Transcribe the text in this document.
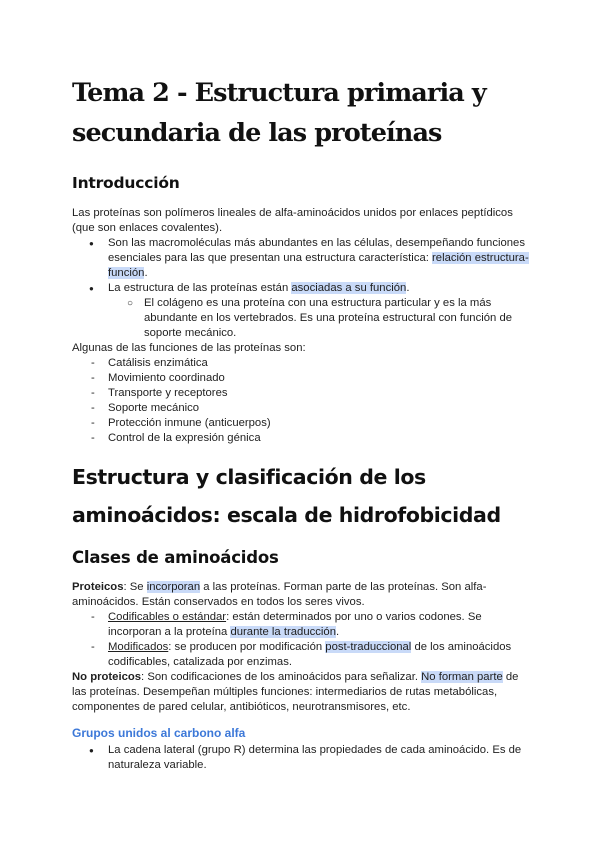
Tema 2 - Estructura primaria y secundaria de las proteínas
Introducción

Las proteínas son polímeros lineales de alfa-aminoácidos unidos por enlaces peptídicos (que son enlaces covalentes).

● Son las macromoléculas más abundantes en las células, desempeñando funciones esenciales para las que presentan una estructura característica: relación estructura-función.
● La estructura de las proteínas están asociadas a su función.
○ El colágeno es una proteína con una estructura particular y es la más abundante en los vertebrados. Es una proteína estructural con función de soporte mecánico.

Algunas de las funciones de las proteínas son:

- Catálisis enzimática
- Movimiento coordinado
- Transporte y receptores
- Soporte mecánico
- Protección inmune (anticuerpos)
- Control de la expresión génica
Estructura y clasificación de los aminoácidos: escala de hidrofobicidad
Clases de aminoácidos

Proteicos: Se incorporan a las proteínas. Forman parte de las proteínas. Son alfa-aminoácidos. Están conservados en todos los seres vivos.

- Codificables o estándar: están determinados por uno o varios codones. Se incorporan a la proteína durante la traducción.
- Modificados: se producen por modificación post-traduccional de los aminoácidos codificables, catalizada por enzimas.

No proteicos: Son codificaciones de los aminoácidos para señalizar. No forman parte de las proteínas. Desempeñan múltiples funciones: intermediarios de rutas metabólicas, componentes de pared celular, antibióticos, neurotransmisores, etc.

Grupos unidos al carbono alfa
● La cadena lateral (grupo R) determina las propiedades de cada aminoácido. Es de naturaleza variable.
